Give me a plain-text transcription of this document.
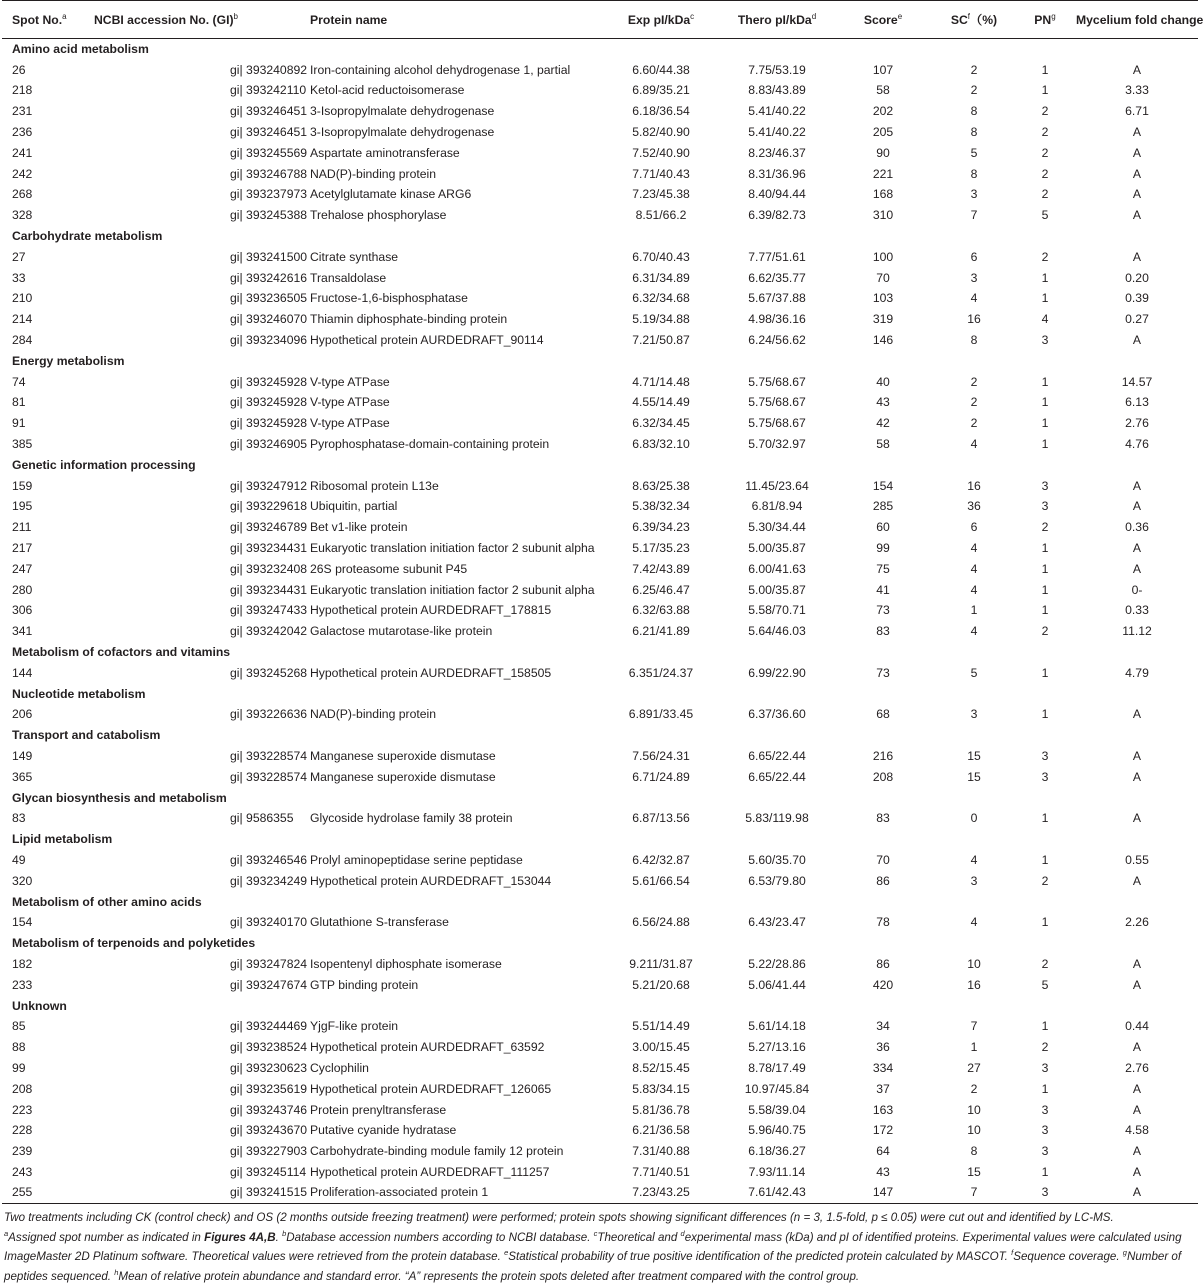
Spot No.$^a$	NCBI accession No. (GI)$^b$	Protein name	Exp pI/kDa$^c$	Thero pI/kDa$^d$	Score$^e$	$SC^f(\%)$	$PN^g$	Mycelium fold change
Amino acid metabolism								
26	gi| 393240892	Iron-containing alcohol dehydrogenase 1, partial	6.60/44.38	7.75/53.19	107	2	1	A
218	gi| 393242110	Ketol-acid reductoisomerase	6.89/35.21	8.83/43.89	58	2	1	3.33
231	gi| 393246451	3-Isopropylmalate dehydrogenase	6.18/36.54	5.41/40.22	202	8	2	6.71
236	gi| 393246451	3-Isopropylmalate dehydrogenase	5.82/40.90	5.41/40.22	205	8	2	A
241	gi| 393245569	Aspartate aminotransferase	7.52/40.90	8.23/46.37	90	5	2	A
242	gi| 393246788	NAD(P)-binding protein	7.71/40.43	8.31/36.96	221	8	2	A
268	gi| 393237973	Acetylglutamate kinase ARG6	7.23/45.38	8.40/94.44	168	3	2	A
328	gi| 393245388	Trehalose phosphorylase	8.51/66.2	6.39/82.73	310	7	5	A
Carbohydrate metabolism								
27	gi| 393241500	Citrate synthase	6.70/40.43	7.77/51.61	100	6	2	A
33	gi| 393242616	Transaldolase	6.31/34.89	6.62/35.77	70	3	1	0.20
210	gi| 393236505	Fructose-1,6-bisphosphatase	6.32/34.68	5.67/37.88	103	4	1	0.39
214	gi| 393246070	Thiamin diphosphate-binding protein	5.19/34.88	4.98/36.16	319	16	4	0.27
284	gi| 393234096	Hypothetical protein AURDEDRAFT_90114	7.21/50.87	6.24/56.62	146	8	3	A
Energy metabolism								
74	gi| 393245928	V-type ATPase	4.71/14.48	5.75/68.67	40	2	1	14.57
81	gi| 393245928	V-type ATPase	4.55/14.49	5.75/68.67	43	2	1	6.13
91	gi| 393245928	V-type ATPase	6.32/34.45	5.75/68.67	42	2	1	2.76
385	gi| 393246905	Pyrophosphatase-domain-containing protein	6.83/32.10	5.70/32.97	58	4	1	4.76
Genetic information processing								
159	gi| 393247912	Ribosomal protein L13e	8.63/25.38	11.45/23.64	154	16	3	A
195	gi| 393229618	Ubiquitin, partial	5.38/32.34	6.81/8.94	285	36	3	A
211	gi| 393246789	Bet v1-like protein	6.39/34.23	5.30/34.44	60	6	2	0.36
217	gi| 393234431	Eukaryotic translation initiation factor 2 subunit alpha	5.17/35.23	5.00/35.87	99	4	1	A
247	gi| 393232408	26S proteasome subunit P45	7.42/43.89	6.00/41.63	75	4	1	A
280	gi| 393234431	Eukaryotic translation initiation factor 2 subunit alpha	6.25/46.47	5.00/35.87	41	4	1	0-
306	gi| 393247433	Hypothetical protein AURDEDRAFT_178815	6.32/63.88	5.58/70.71	73	1	1	0.33
341	gi| 393242042	Galactose mutarotase-like protein	6.21/41.89	5.64/46.03	83	4	2	11.12
Metabolism of cofactors and vitamins								
144	gi| 393245268	Hypothetical protein AURDEDRAFT_158505	6.351/24.37	6.99/22.90	73	5	1	4.79
Nucleotide metabolism								
206	gi| 393226636	NAD(P)-binding protein	6.891/33.45	6.37/36.60	68	3	1	A
Transport and catabolism								
149	gi| 393228574	Manganese superoxide dismutase	7.56/24.31	6.65/22.44	216	15	3	A
365	gi| 393228574	Manganese superoxide dismutase	6.71/24.89	6.65/22.44	208	15	3	A
Glycan biosynthesis and metabolism								
83	gi| 9586355	Glycoside hydrolase family 38 protein	6.87/13.56	5.83/119.98	83	0	1	A
Lipid metabolism								
49	gi| 393246546	Prolyl aminopeptidase serine peptidase	6.42/32.87	5.60/35.70	70	4	1	0.55
320	gi| 393234249	Hypothetical protein AURDEDRAFT_153044	5.61/66.54	6.53/79.80	86	3	2	A
Metabolism of other amino acids								
154	gi| 393240170	Glutathione S-transferase	6.56/24.88	6.43/23.47	78	4	1	2.26
Metabolism of terpenoids and polyketides								
182	gi| 393247824	Isopentenyl diphosphate isomerase	9.211/31.87	5.22/28.86	86	10	2	A
233	gi| 393247674	GTP binding protein	5.21/20.68	5.06/41.44	420	16	5	A
Unknown								
85	gi| 393244469	YjgF-like protein	5.51/14.49	5.61/14.18	34	7	1	0.44
88	gi| 393238524	Hypothetical protein AURDEDRAFT_63592	3.00/15.45	5.27/13.16	36	1	2	A
99	gi| 393230623	Cyclophilin	8.52/15.45	8.78/17.49	334	27	3	2.76
208	gi| 393235619	Hypothetical protein AURDEDRAFT_126065	5.83/34.15	10.97/45.84	37	2	1	A
223	gi| 393243746	Protein prenyltransferase	5.81/36.78	5.58/39.04	163	10	3	A
228	gi| 393243670	Putative cyanide hydratase	6.21/36.58	5.96/40.75	172	10	3	4.58
239	gi| 393227903	Carbohydrate-binding module family 12 protein	7.31/40.88	6.18/36.27	64	8	3	A
243	gi| 393245114	Hypothetical protein AURDEDRAFT_111257	7.71/40.51	7.93/11.14	43	15	1	A
255	gi| 393241515	Proliferation-associated protein 1	7.23/43.25	7.61/42.43	147	7	3	A

Two treatments including CK (control check) and OS (2 months outside freezing treatment) were performed; protein spots showing significant differences (n = 3, 1.5-fold, p ≤ 0.05) were cut out and identified by LC-MS.

$^a$Assigned spot number as indicated in Figures 4A,B. $^b$Database accession numbers according to NCBI database. $^c$Theoretical and $^d$experimental mass (kDa) and pI of identified proteins. Experimental values were calculated using ImageMaster 2D Platinum software. Theoretical values were retrieved from the protein database. $^e$Statistical probability of true positive identification of the predicted protein calculated by MASCOT. $^f$Sequence coverage. $^g$Number of peptides sequenced. $^h$Mean of relative protein abundance and standard error. “A” represents the protein spots deleted after treatment compared with the control group.
